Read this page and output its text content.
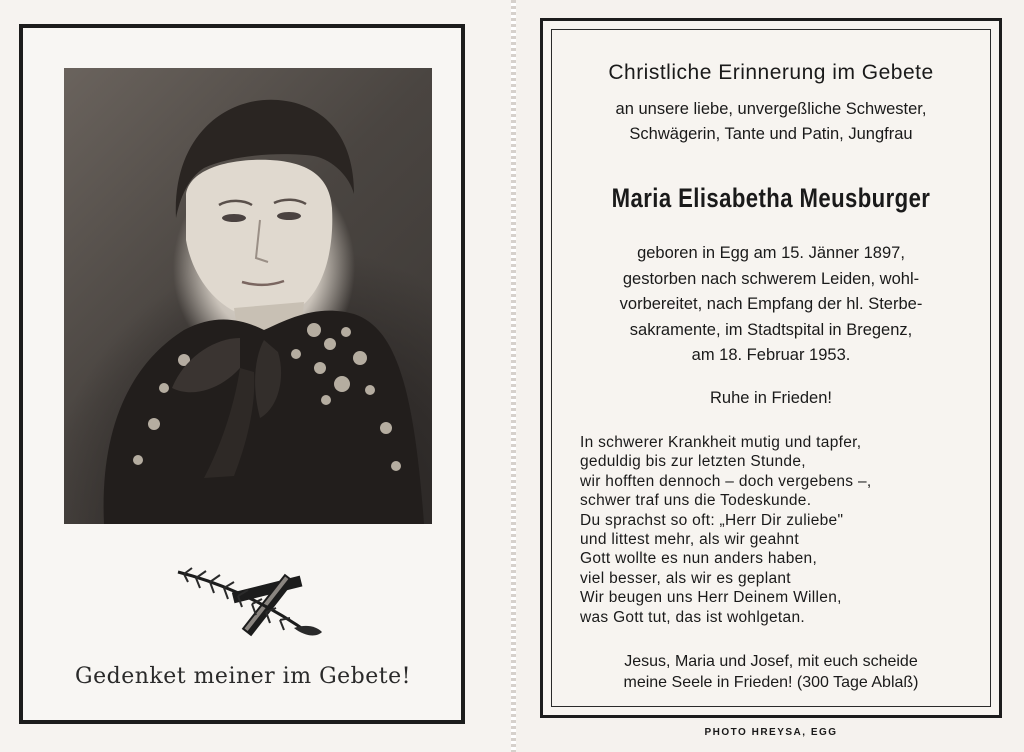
Gedenket meiner im Gebete!
Christliche Erinnerung im Gebete
an unsere liebe, unvergeßliche Schwester,
Schwägerin, Tante und Patin, Jungfrau
Maria Elisabetha Meusburger
geboren in Egg am 15. Jänner 1897,
gestorben nach schwerem Leiden, wohl-
vorbereitet, nach Empfang der hl. Sterbe-
sakramente, im Stadtspital in Bregenz,
am 18. Februar 1953.
Ruhe in Frieden!
In schwerer Krankheit mutig und tapfer,
geduldig bis zur letzten Stunde,
wir hofften dennoch – doch vergebens –,
schwer traf uns die Todeskunde.
Du sprachst so oft: „Herr Dir zuliebe"
und littest mehr, als wir geahnt
Gott wollte es nun anders haben,
viel besser, als wir es geplant
Wir beugen uns Herr Deinem Willen,
was Gott tut, das ist wohlgetan.
Jesus, Maria und Josef, mit euch scheide
meine Seele in Frieden! (300 Tage Ablaß)
PHOTO HREYSA, EGG
